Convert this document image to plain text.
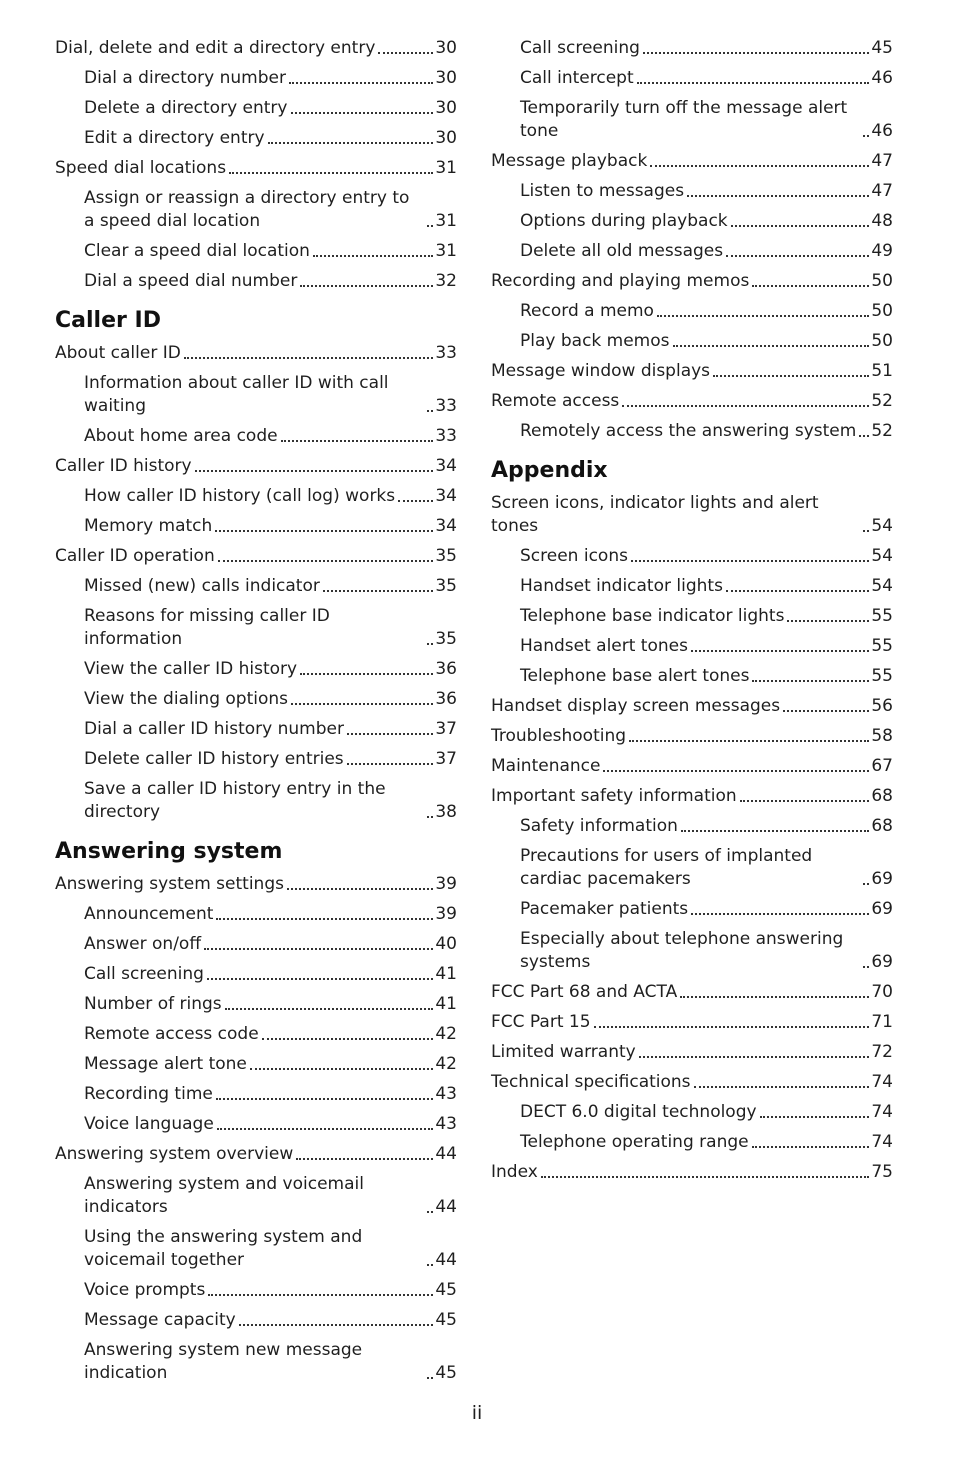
Dial, delete and edit a directory entry	30
Dial a directory number	30
Delete a directory entry	30
Edit a directory entry	30
Speed dial locations	31
Assign or reassign a directory entry to a speed dial location	31
Clear a speed dial location	31
Dial a speed dial number	32
Caller ID
About caller ID	33
Information about caller ID with call waiting	33
About home area code	33
Caller ID history	34
How caller ID history (call log) works 34
Memory match	34
Caller ID operation	35
Missed (new) calls indicator	35
Reasons for missing caller ID information	35
View the caller ID history	36
View the dialing options	36
Dial a caller ID history number	37
Delete caller ID history entries	37
Save a caller ID history entry in the directory	38
Answering system
Answering system settings	39
Announcement	39
Answer on/off	40
Call screening	41
Number of rings	41
Remote access code	42
Message alert tone	42
Recording time	43
Voice language	43
Answering system overview	44
Answering system and voicemail indicators	44
Using the answering system and voicemail together	44
Voice prompts	45
Message capacity	45
Answering system new message indication	45
Call screening	45
Call intercept	46
Temporarily turn off the message alert tone	46
Message playback	47
Listen to messages	47
Options during playback	48
Delete all old messages	49
Recording and playing memos	50
Record a memo	50
Play back memos	50
Message window displays	51
Remote access	52
Remotely access the answering system 52
Appendix
Screen icons, indicator lights and alert tones	54
Screen icons	54
Handset indicator lights	54
Telephone base indicator lights	55
Handset alert tones	55
Telephone base alert tones	55
Handset display screen messages	56
Troubleshooting	58
Maintenance	67
Important safety information	68
Safety information	68
Precautions for users of implanted cardiac pacemakers	69
Pacemaker patients	69
Especially about telephone answering systems	69
FCC Part 68 and ACTA	70
FCC Part 15	71
Limited warranty	72
Technical specifications	74
DECT 6.0 digital technology	74
Telephone operating range	74
Index	75
ii
